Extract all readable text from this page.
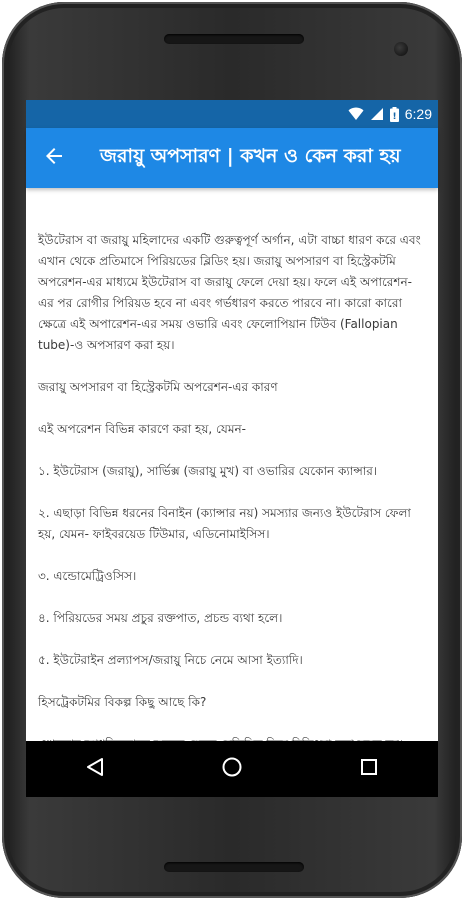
! 6:29
জরায়ু অপসারণ | কখন ও কেন করা হয়

ইউটেরাস বা জরায়ু মহিলাদের একটি গুরুত্বপূর্ণ অর্গান, এটা বাচ্চা ধারণ করে এবং এখান থেকে প্রতিমাসে পিরিয়ডের ব্লিডিং হয়। জরায়ু অপসারণ বা হিস্ট্রেকটমি অপরেশন-এর মাধ্যমে ইউটেরাস বা জরায়ু ফেলে দেয়া হয়। ফলে এই অপারেশন-এর পর রোগীর পিরিয়ড হবে না এবং গর্ভধারণ করতে পারবে না। কারো কারো ক্ষেত্রে এই অপারেশন-এর সময় ওভারি এবং ফেলোপিয়ান টিউব (Fallopian tube)-ও অপসারণ করা হয়।

জরায়ু অপসারণ বা হিস্ট্রেকটমি অপরেশন-এর কারণ

এই অপরেশন বিভিন্ন কারণে করা হয়, যেমন-

১. ইউটেরাস (জরায়ু), সার্ভিক্স (জরায়ু মুখ) বা ওভারির যেকোন ক্যান্সার।

২. এছাড়া বিভিন্ন ধরনের বিনাইন (ক্যান্সার নয়) সমস্যার জন্যও ইউটেরাস ফেলা হয়, যেমন- ফাইবরয়েড টিউমার, এডিনোমাইসিস।

৩. এন্ডোমেট্রিওসিস।

৪. পিরিয়ডের সময় প্রচুর রক্তপাত, প্রচন্ড ব্যথা হলে।

৫. ইউটেরাইন প্রল্যাপস/জরায়ু নিচে নেমে আসা ইত্যাদি।

হিসট্রেকটমির বিকল্প কিছু আছে কি?
